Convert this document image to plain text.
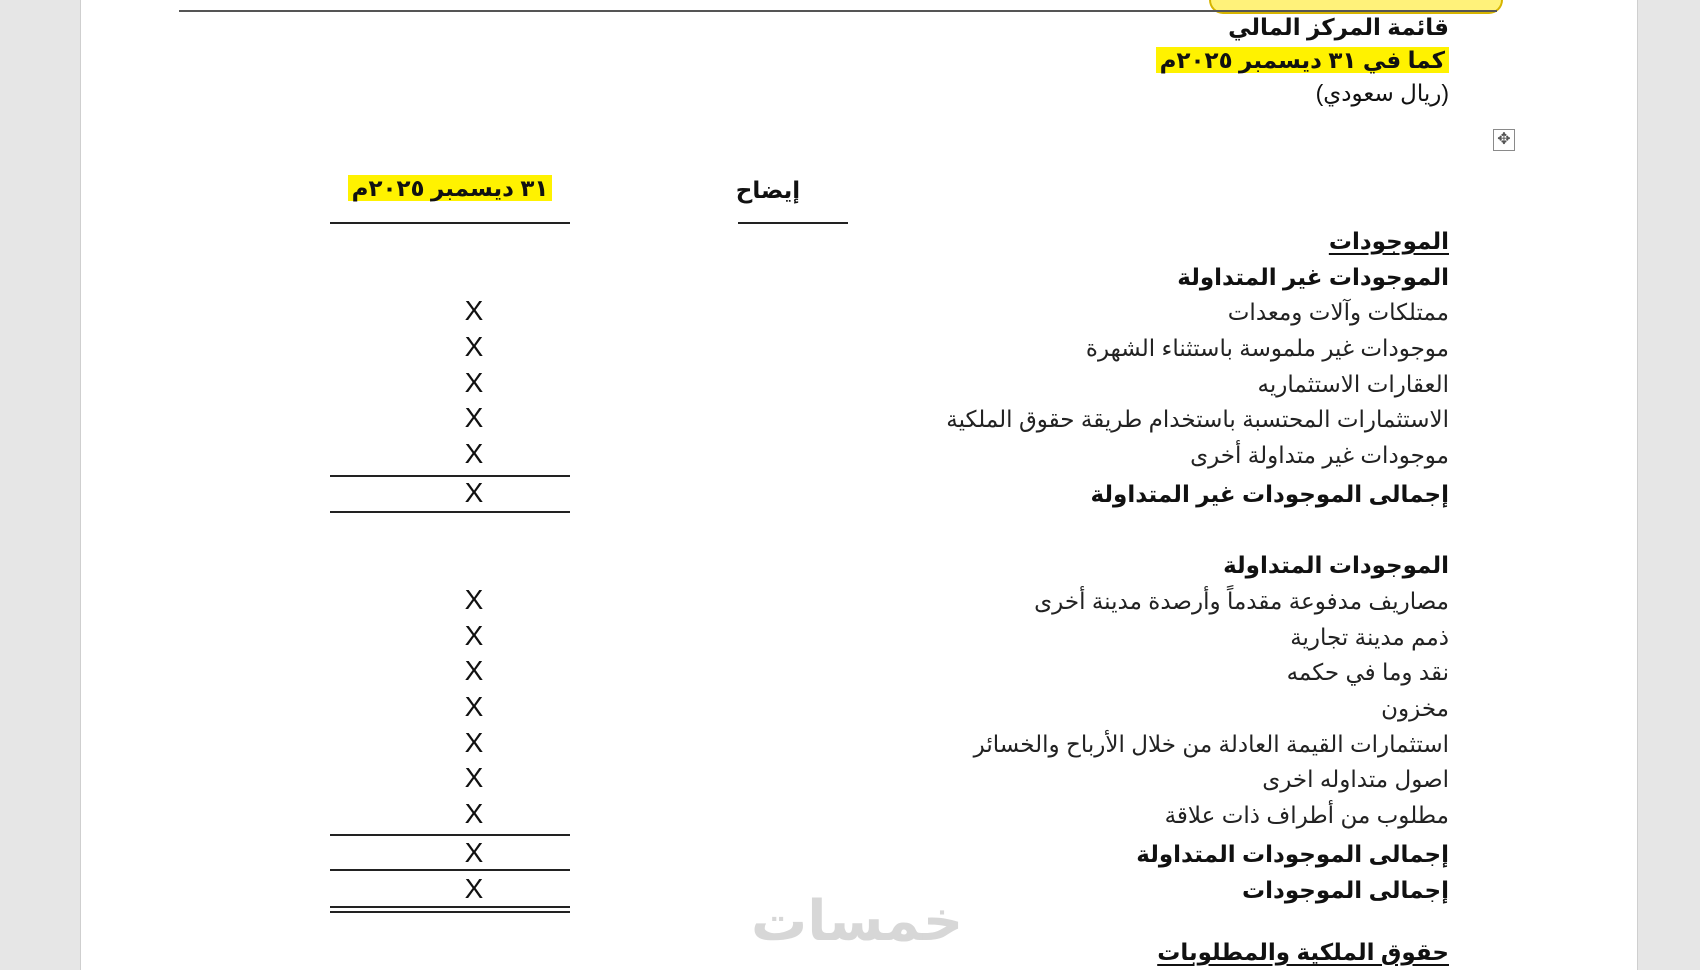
قائمة المركز المالي
كما في ٣١ ديسمبر ٢٠٢٥م
(ريال سعودي)
✥
إيضاح
٣١ ديسمبر ٢٠٢٥م
الموجودات
الموجودات غير المتداولة
ممتلكات وآلات ومعدات
X
موجودات غير ملموسة باستثناء الشهرة
X
العقارات الاستثماريه
X
الاستثمارات المحتسبة باستخدام طريقة حقوق الملكية
X
موجودات غير متداولة أخرى
X
إجمالى الموجودات غير المتداولة
X
الموجودات المتداولة
مصاريف مدفوعة مقدماً وأرصدة مدينة أخرى
X
ذمم مدينة تجارية
X
نقد وما في حكمه
X
مخزون
X
استثمارات القيمة العادلة من خلال الأرباح والخسائر
X
اصول متداوله اخرى
X
مطلوب من أطراف ذات علاقة
X
إجمالى الموجودات المتداولة
X
إجمالى الموجودات
X
حقوق الملكية والمطلوبات
خمسات
